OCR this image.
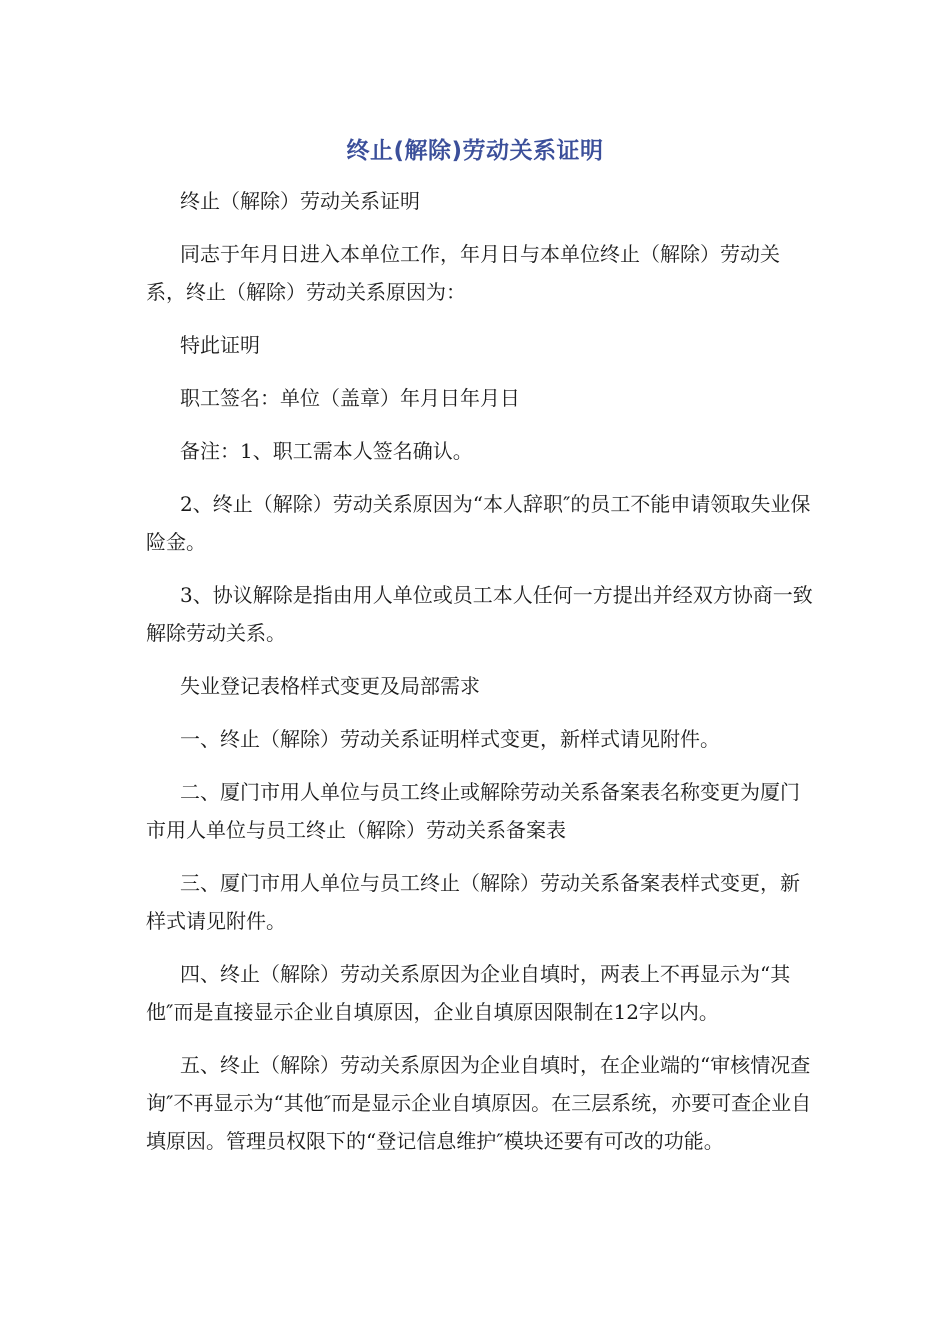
终止(解除)劳动关系证明

终止（解除）劳动关系证明

同志于年月日进入本单位工作，年月日与本单位终止（解除）劳动关系，终止（解除）劳动关系原因为：

特此证明

职工签名：单位（盖章）年月日年月日

备注：1、职工需本人签名确认。

2、终止（解除）劳动关系原因为“本人辞职″的员工不能申请领取失业保险金。

3、协议解除是指由用人单位或员工本人任何一方提出并经双方协商一致解除劳动关系。

失业登记表格样式变更及局部需求

一、终止（解除）劳动关系证明样式变更，新样式请见附件。

二、厦门市用人单位与员工终止或解除劳动关系备案表名称变更为厦门市用人单位与员工终止（解除）劳动关系备案表

三、厦门市用人单位与员工终止（解除）劳动关系备案表样式变更，新样式请见附件。

四、终止（解除）劳动关系原因为企业自填时，两表上不再显示为“其他″而是直接显示企业自填原因，企业自填原因限制在12字以内。

五、终止（解除）劳动关系原因为企业自填时，在企业端的“审核情况查询″不再显示为“其他″而是显示企业自填原因。在三层系统，亦要可查企业自填原因。管理员权限下的“登记信息维护″模块还要有可改的功能。
